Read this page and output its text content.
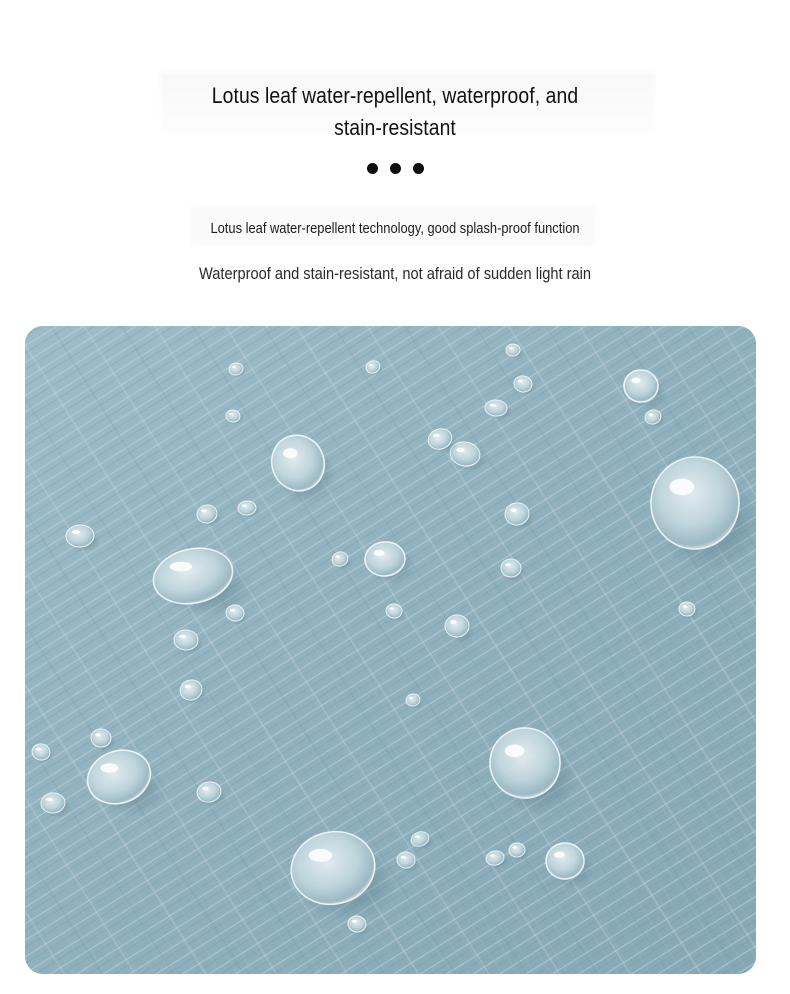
Lotus leaf water-repellent, waterproof, and
stain-resistant
Lotus leaf water-repellent technology, good splash-proof function
Waterproof and stain-resistant, not afraid of sudden light rain
